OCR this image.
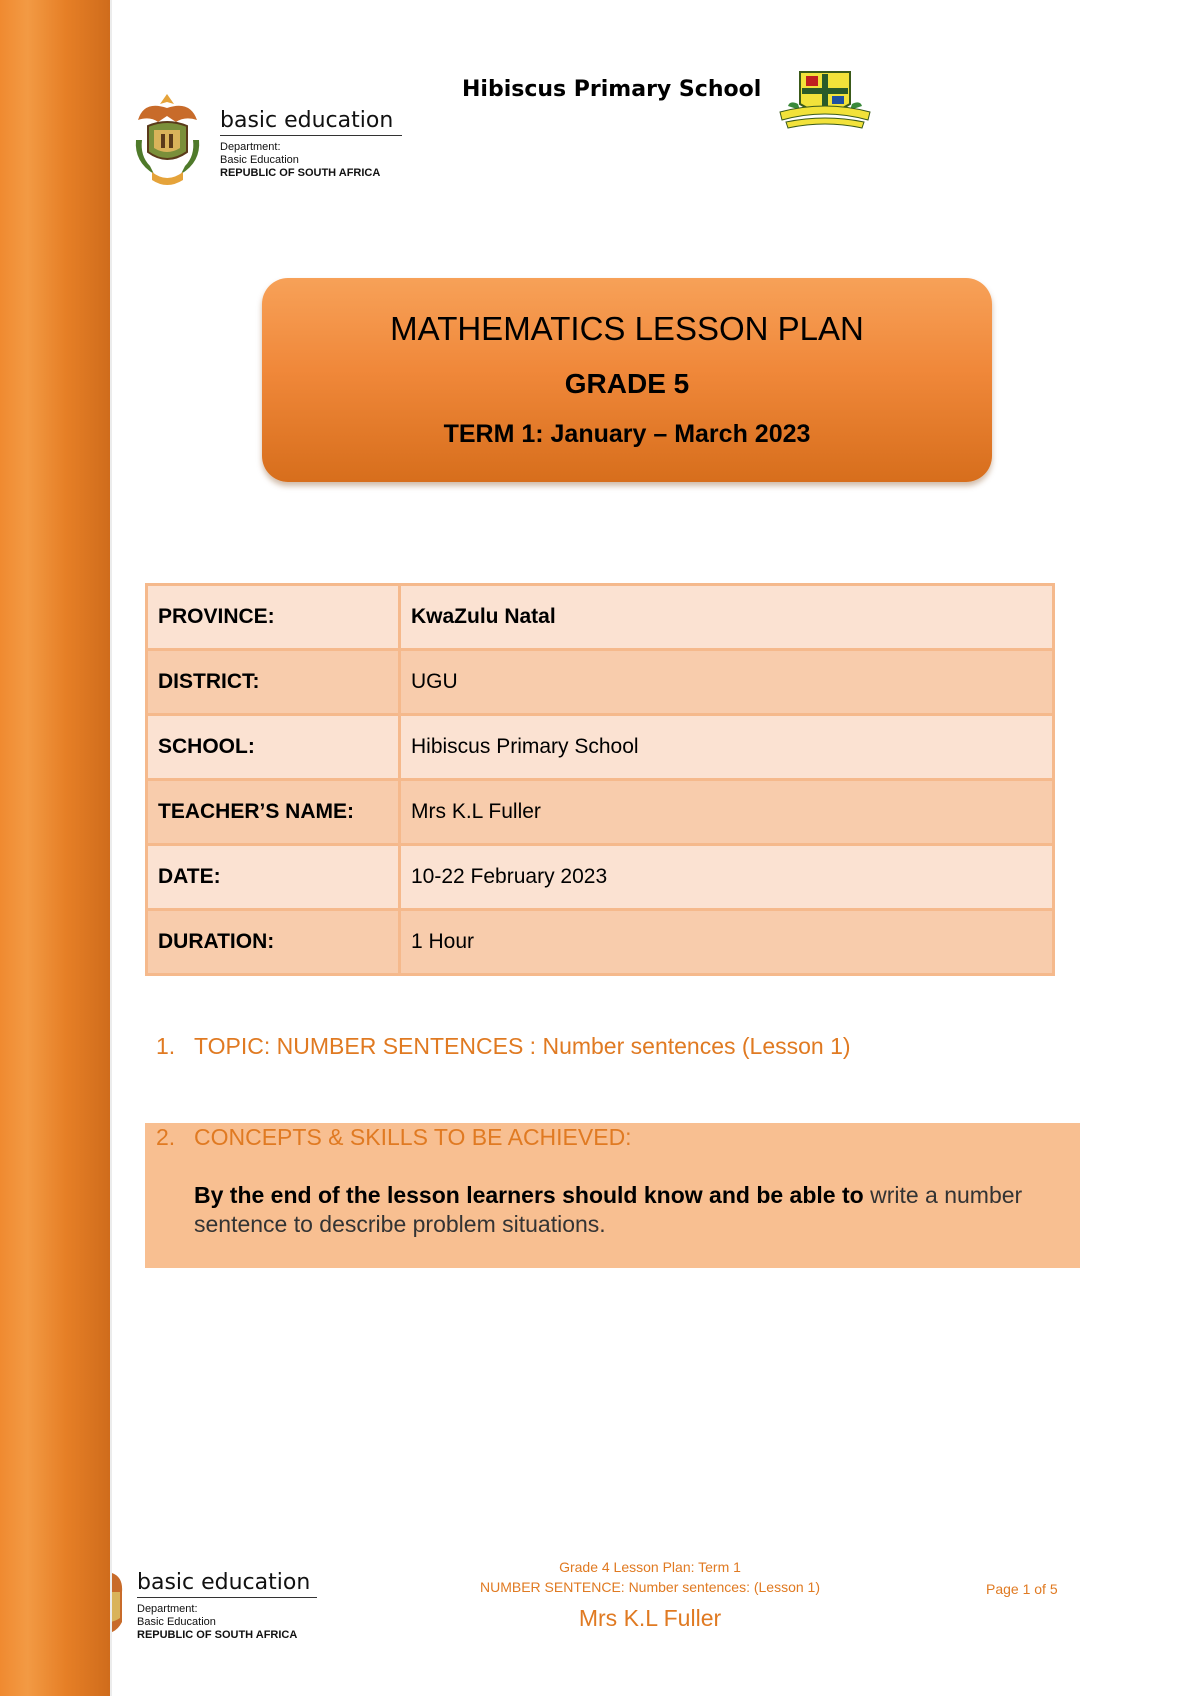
basic education
Department:
Basic Education
REPUBLIC OF SOUTH AFRICA
Hibiscus Primary School
MATHEMATICS LESSON PLAN
GRADE 5
TERM 1: January – March 2023
PROVINCE:	KwaZulu Natal
DISTRICT:	UGU
SCHOOL:	Hibiscus Primary School
TEACHER’S NAME:	Mrs K.L Fuller
DATE:	10-22 February 2023
DURATION:	1 Hour
1. TOPIC: NUMBER SENTENCES : Number sentences (Lesson 1)
2. CONCEPTS & SKILLS TO BE ACHIEVED:
By the end of the lesson learners should know and be able to write a number sentence to describe problem situations.
basic education
Department:
Basic Education
REPUBLIC OF SOUTH AFRICA
Grade 4 Lesson Plan: Term 1
NUMBER SENTENCE: Number sentences: (Lesson 1)
Mrs K.L Fuller
Page 1 of 5
